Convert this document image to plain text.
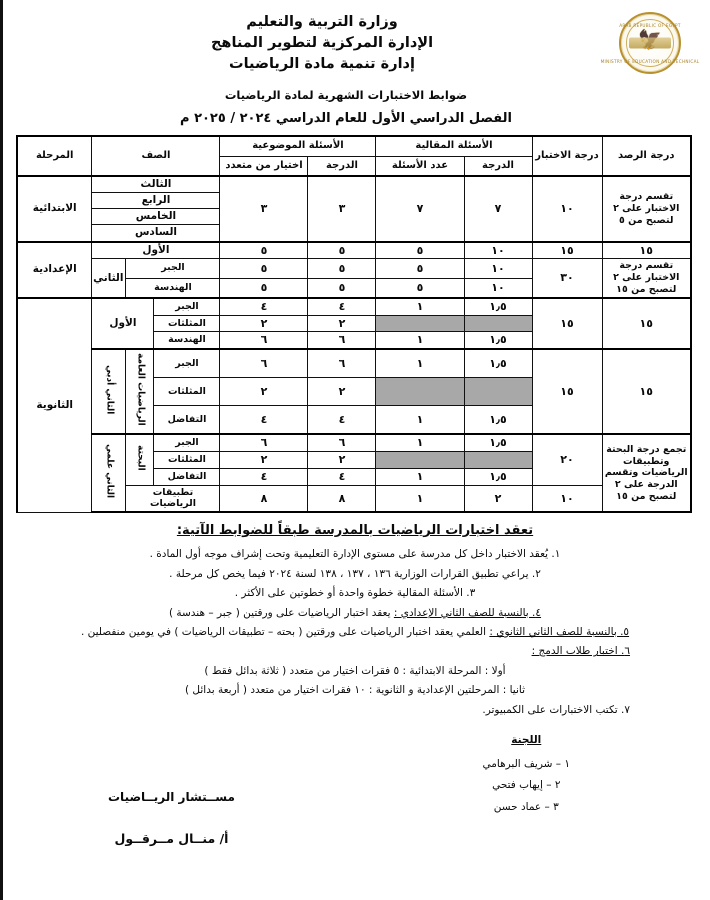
ARAB REPUBLIC OF EGYPT
MINISTRY OF EDUCATION AND TECHNICAL
وزارة التربية والتعليم
الإدارة المركزية لتطوير المناهج
إدارة تنمية مادة الرياضيات
ضوابط الاختبارات الشهرية لمادة الرياضيات
الفصل الدراسي الأول للعام الدراسي ٢٠٢٤ / ٢٠٢٥ م
درجة الرصد	درجة الاختبار	الأسئلة المقالية		الأسئلة الموضوعية		الصف			المرحلة
		الدرجة	عدد الأسئلة	الدرجة	اختيار من متعدد				
تقسم درجة الاختبار على ٢ لتصبح من ٥	١٠	٧	٧	٣	٣	الثالث			الابتدائية
						الرابع			
						الخامس			
						السادس			
١٥	١٥	١٠	٥	٥	٥	الأول			الإعدادية
تقسم درجة الاختبار على ٢ لتصبح من ١٥	٣٠	١٠	٥	٥	٥	الجبر		الثاني	
		١٠	٥	٥	٥	الهندسة			
١٥	١٥	١٫٥	١	٤	٤	الجبر	الأول		الثانوية
				٢	٢	المثلثات			
		١٫٥	١	٦	٦	الهندسة			
١٥	١٥	١٫٥	١	٦	٦	الجبر	الرياضيات العامة	الثاني أدبي	
				٢	٢	المثلثات			
		١٫٥	١	٤	٤	التفاضل			
تجمع درجة البحتة وتطبيقات الرياضيات وتقسم الدرجة على ٢ لتصبح من ١٥	٢٠	١٫٥	١	٦	٦	الجبر	البحتة	الثاني علمي	
				٢	٢	المثلثات			
		١٫٥	١	٤	٤	التفاضل			
	١٠	٢	١	٨	٨	تطبيقات الرياضيات			
تعقد اختبارات الرياضيات بالمدرسة طبقاً للضوابط الآتية:
١. يُعقد الاختبار داخل كل مدرسة على مستوى الإدارة التعليمية وتحت إشراف موجه أول المادة .
٢. يراعي تطبيق القرارات الوزارية ١٣٦ ، ١٣٧ ، ١٣٨ لسنة ٢٠٢٤ فيما يخص كل مرحلة .
٣. الأسئلة المقالية خطوة واحدة أو خطوتين على الأكثر .
٤. بالنسبة للصف الثاني الإعدادي : يعقد اختبار الرياضيات على ورقتين ( جبر – هندسة )
٥. بالنسبة للصف الثاني الثانوي : العلمي يعقد اختبار الرياضيات على ورقتين ( بحته – تطبيقات الرياضيات ) في يومين منفصلين .
٦. اختبار طلاب الدمج :
أولا : المرحلة الابتدائية : ٥ فقرات اختيار من متعدد ( ثلاثة بدائل فقط )
ثانيا : المرحلتين الإعدادية و الثانوية : ١٠ فقرات اختيار من متعدد ( أربعة بدائل )
٧. تكتب الاختبارات على الكمبيوتر.
اللجنة
١ – شريف البرهامي
٢ – إيهاب فتحي
٣ – عماد حسن
مســتشار الريــاضيات
أ/ منــال مــرقــول
